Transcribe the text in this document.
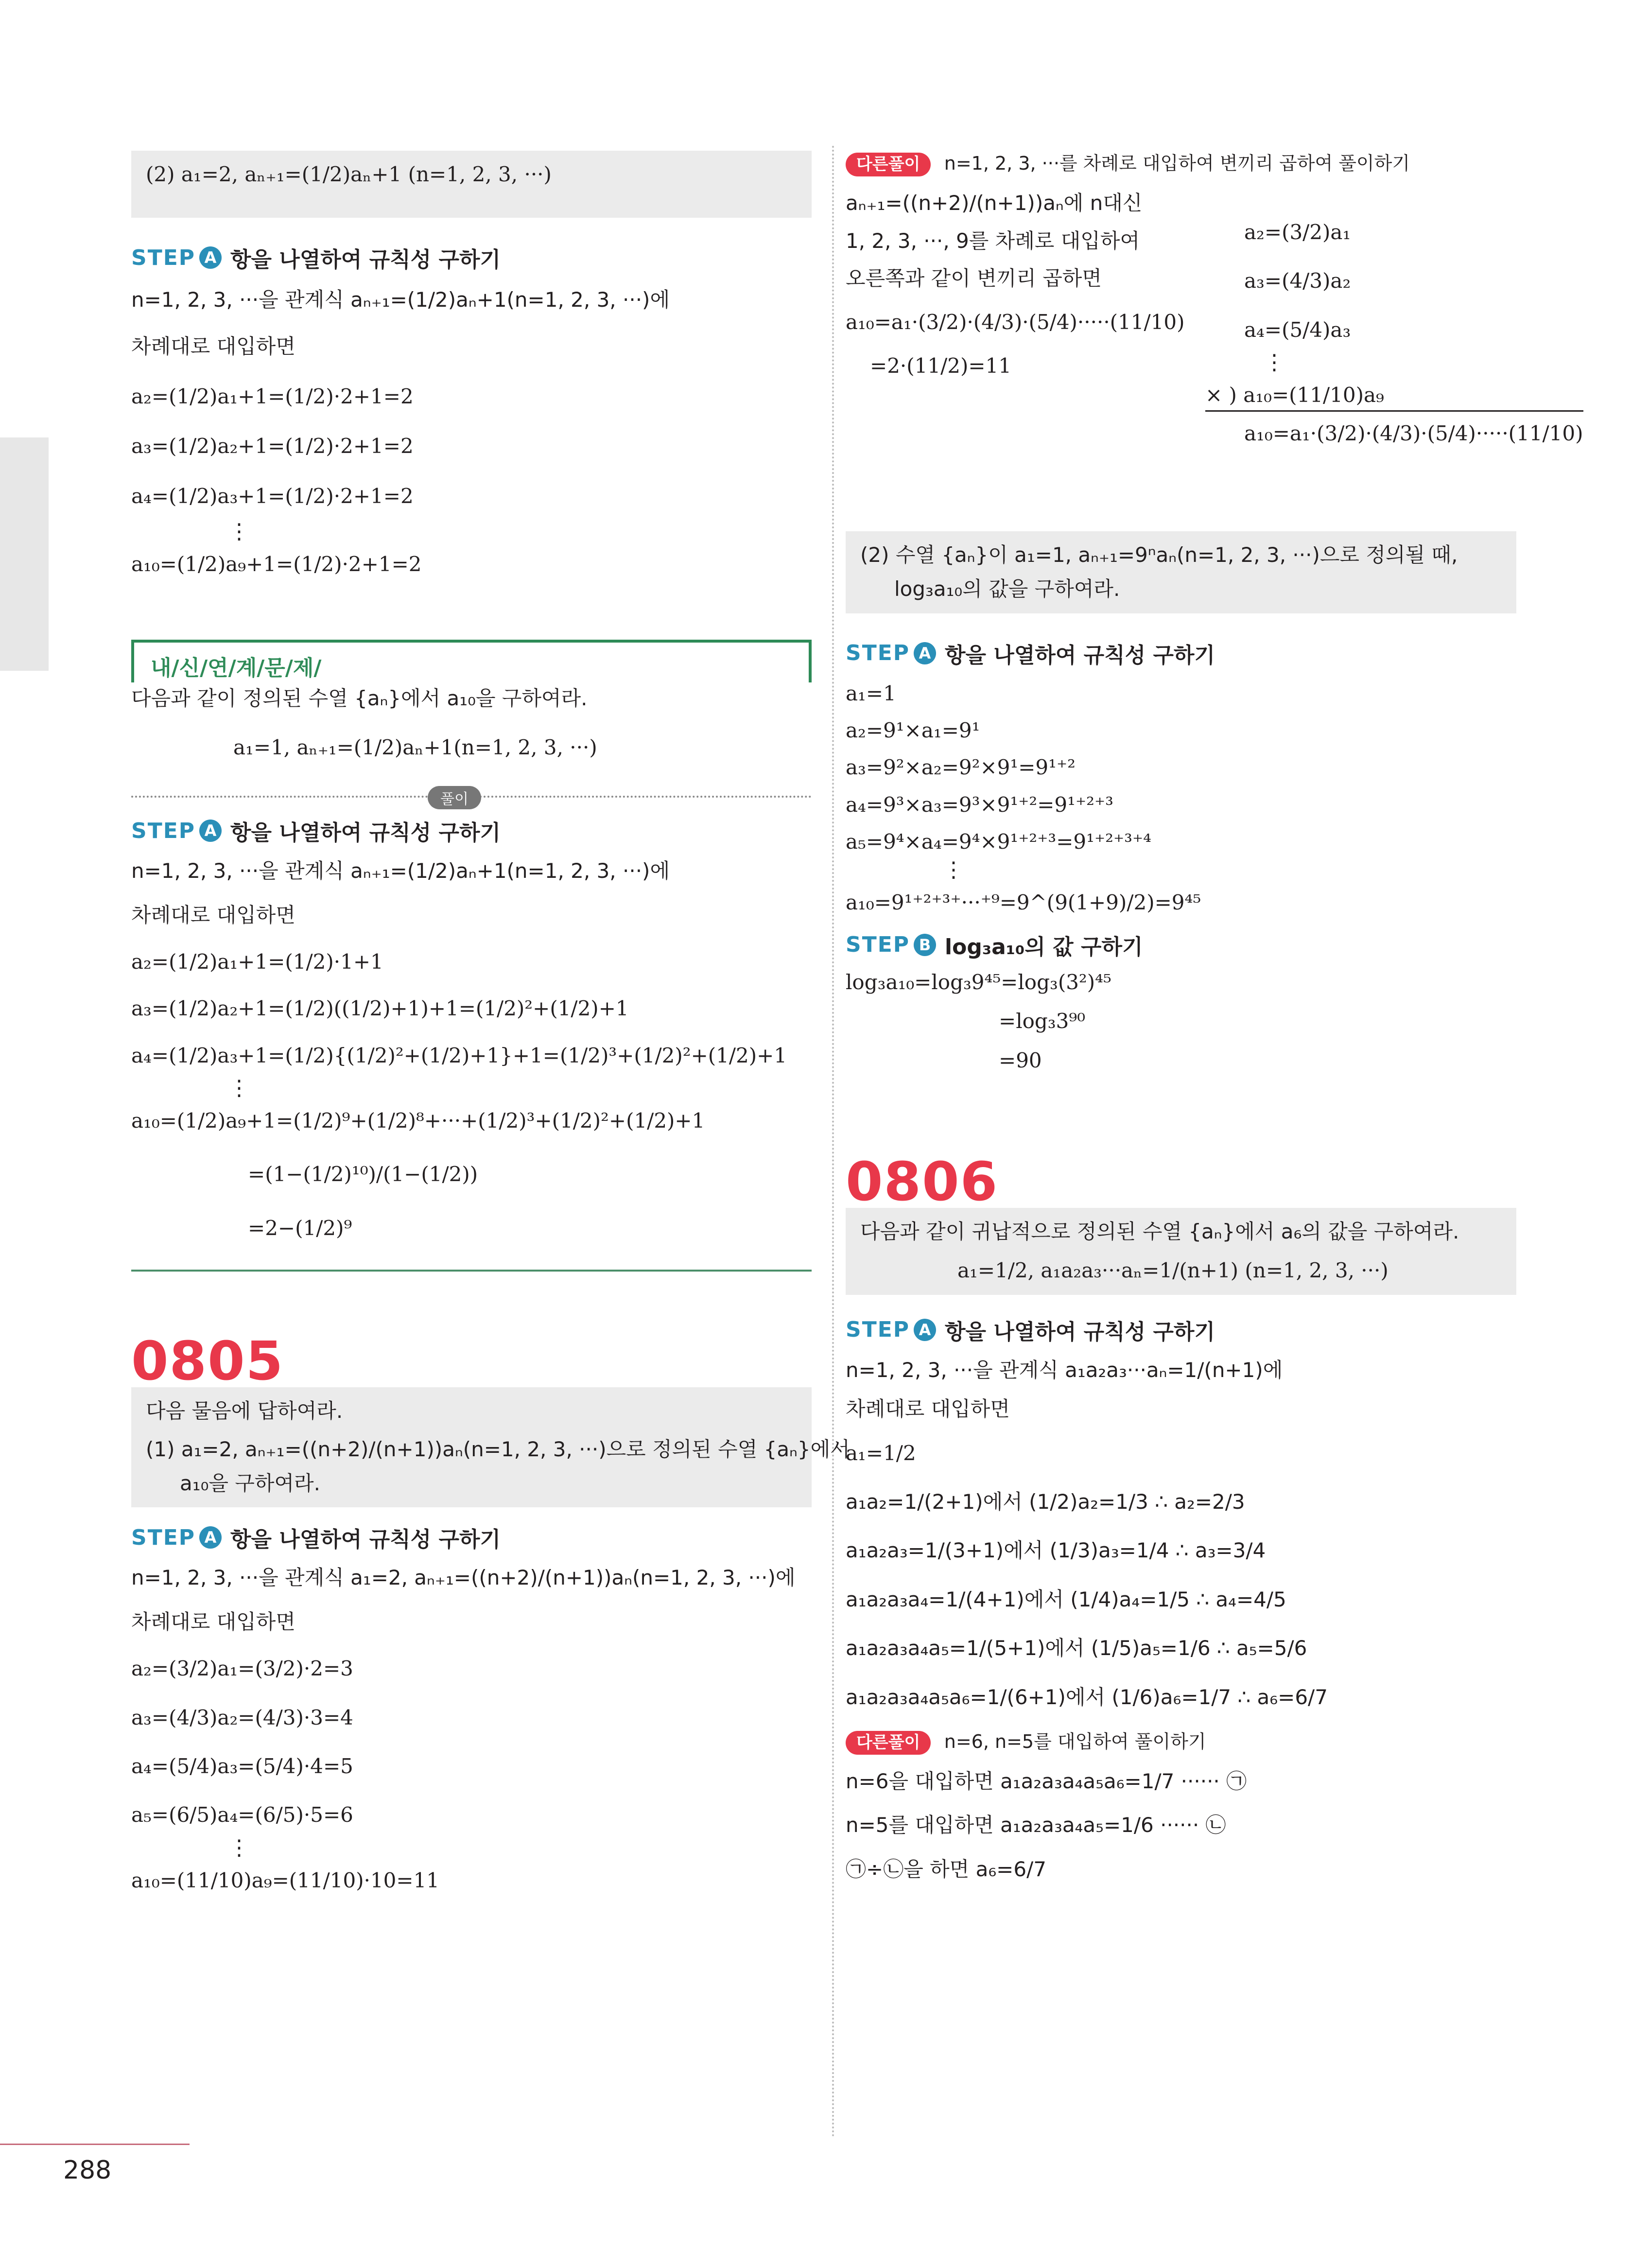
(2) a₁=2, aₙ₊₁=(1/2)aₙ+1 (n=1, 2, 3, ···)

STEP A 항을 나열하여 규칙성 구하기

n=1, 2, 3, ···을 관계식 aₙ₊₁=(1/2)aₙ+1(n=1, 2, 3, ···)에

차례대로 대입하면

a₂=(1/2)a₁+1=(1/2)·2+1=2

a₃=(1/2)a₂+1=(1/2)·2+1=2

a₄=(1/2)a₃+1=(1/2)·2+1=2

⋮

a₁₀=(1/2)a₉+1=(1/2)·2+1=2

내/신/연/계/문/제/

다음과 같이 정의된 수열 {aₙ}에서 a₁₀을 구하여라.

a₁=1, aₙ₊₁=(1/2)aₙ+1(n=1, 2, 3, ···)

풀이

STEP A 항을 나열하여 규칙성 구하기

n=1, 2, 3, ···을 관계식 aₙ₊₁=(1/2)aₙ+1(n=1, 2, 3, ···)에

차례대로 대입하면

a₂=(1/2)a₁+1=(1/2)·1+1

a₃=(1/2)a₂+1=(1/2)((1/2)+1)+1=(1/2)²+(1/2)+1

a₄=(1/2)a₃+1=(1/2){(1/2)²+(1/2)+1}+1=(1/2)³+(1/2)²+(1/2)+1

⋮

a₁₀=(1/2)a₉+1=(1/2)⁹+(1/2)⁸+···+(1/2)³+(1/2)²+(1/2)+1

=(1−(1/2)¹⁰)/(1−(1/2))

=2−(1/2)⁹

0805

다음 물음에 답하여라.

(1) a₁=2, aₙ₊₁=((n+2)/(n+1))aₙ(n=1, 2, 3, ···)으로 정의된 수열 {aₙ}에서

a₁₀을 구하여라.

STEP A 항을 나열하여 규칙성 구하기

n=1, 2, 3, ···을 관계식 a₁=2, aₙ₊₁=((n+2)/(n+1))aₙ(n=1, 2, 3, ···)에

차례대로 대입하면

a₂=(3/2)a₁=(3/2)·2=3

a₃=(4/3)a₂=(4/3)·3=4

a₄=(5/4)a₃=(5/4)·4=5

a₅=(6/5)a₄=(6/5)·5=6

⋮

a₁₀=(11/10)a₉=(11/10)·10=11

다른풀이 n=1, 2, 3, ···를 차례로 대입하여 변끼리 곱하여 풀이하기

aₙ₊₁=((n+2)/(n+1))aₙ에 n대신

1, 2, 3, ···, 9를 차례로 대입하여

오른쪽과 같이 변끼리 곱하면

a₁₀=a₁·(3/2)·(4/3)·(5/4)·····(11/10)

=2·(11/2)=11

a₂=(3/2)a₁

a₃=(4/3)a₂

a₄=(5/4)a₃

⋮

× ) a₁₀=(11/10)a₉

a₁₀=a₁·(3/2)·(4/3)·(5/4)·····(11/10)

(2) 수열 {aₙ}이 a₁=1, aₙ₊₁=9ⁿaₙ(n=1, 2, 3, ···)으로 정의될 때,

log₃a₁₀의 값을 구하여라.

STEP A 항을 나열하여 규칙성 구하기

a₁=1

a₂=9¹×a₁=9¹

a₃=9²×a₂=9²×9¹=9¹⁺²

a₄=9³×a₃=9³×9¹⁺²=9¹⁺²⁺³

a₅=9⁴×a₄=9⁴×9¹⁺²⁺³=9¹⁺²⁺³⁺⁴

⋮

a₁₀=9¹⁺²⁺³⁺···⁺⁹=9^(9(1+9)/2)=9⁴⁵

STEP B log₃a₁₀의 값 구하기

log₃a₁₀=log₃9⁴⁵=log₃(3²)⁴⁵

=log₃3⁹⁰

=90

0806

다음과 같이 귀납적으로 정의된 수열 {aₙ}에서 a₆의 값을 구하여라.

a₁=1/2, a₁a₂a₃···aₙ=1/(n+1) (n=1, 2, 3, ···)

STEP A 항을 나열하여 규칙성 구하기

n=1, 2, 3, ···을 관계식 a₁a₂a₃···aₙ=1/(n+1)에

차례대로 대입하면

a₁=1/2

a₁a₂=1/(2+1)에서 (1/2)a₂=1/3 ∴ a₂=2/3

a₁a₂a₃=1/(3+1)에서 (1/3)a₃=1/4 ∴ a₃=3/4

a₁a₂a₃a₄=1/(4+1)에서 (1/4)a₄=1/5 ∴ a₄=4/5

a₁a₂a₃a₄a₅=1/(5+1)에서 (1/5)a₅=1/6 ∴ a₅=5/6

a₁a₂a₃a₄a₅a₆=1/(6+1)에서 (1/6)a₆=1/7 ∴ a₆=6/7

다른풀이 n=6, n=5를 대입하여 풀이하기

n=6을 대입하면 a₁a₂a₃a₄a₅a₆=1/7 ······ ㉠

n=5를 대입하면 a₁a₂a₃a₄a₅=1/6 ······ ㉡

㉠÷㉡을 하면 a₆=6/7

288
